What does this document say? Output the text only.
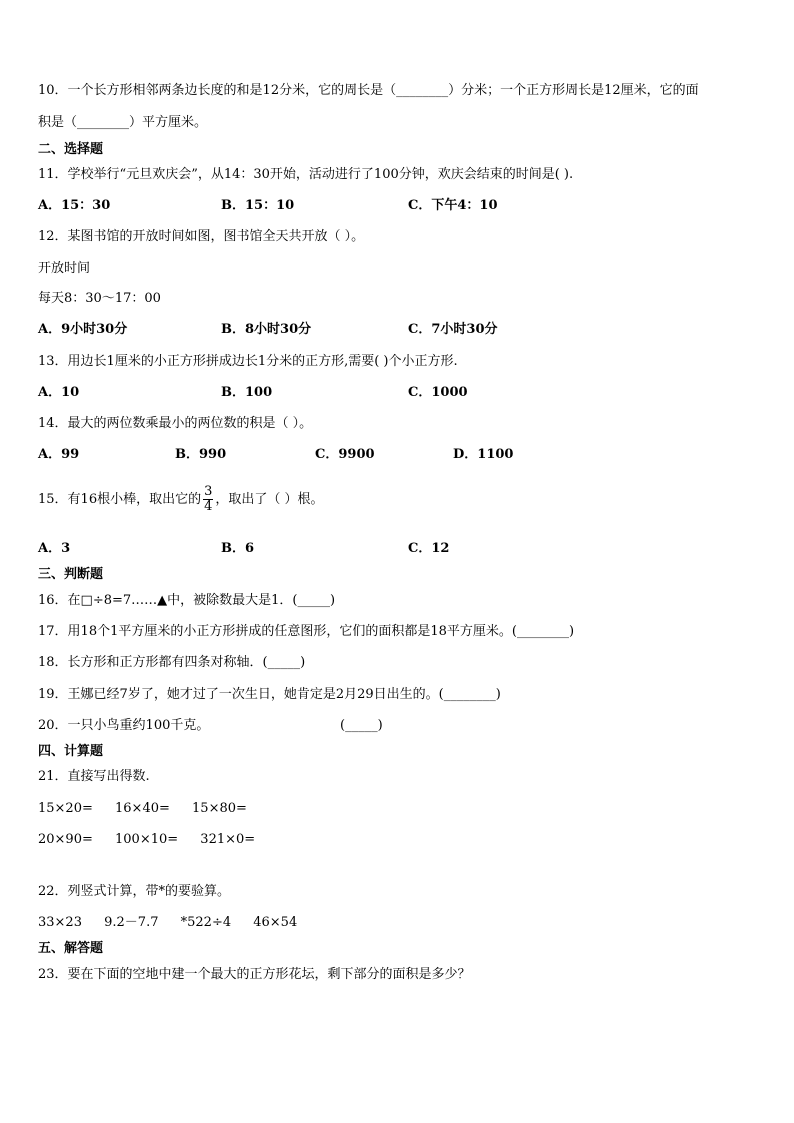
10．一个长方形相邻两条边长度的和是12分米，它的周长是（________）分米；一个正方形周长是12厘米，它的面
积是（________）平方厘米。
二、选择题
11．学校举行“元旦欢庆会”，从14：30开始，活动进行了100分钟，欢庆会结束的时间是( ).
A．15：30	B．15：10	C．下午4：10
12．某图书馆的开放时间如图，图书馆全天共开放（ ）。
开放时间
每天8：30～17：00
A．9小时30分	B．8小时30分	C．7小时30分
13．用边长1厘米的小正方形拼成边长1分米的正方形,需要( )个小正方形.
A．10	B．100	C．1000
14．最大的两位数乘最小的两位数的积是（ ）。
A．99	B．990	C．9900	D．1100
15．有16根小棒，取出它的 $\frac{3}{4}$ ，取出了（ ）根。
A．3	B．6	C．12
三、判断题
16．在□÷8=7……▲中，被除数最大是1．(_____)
17．用18个1平方厘米的小正方形拼成的任意图形，它们的面积都是18平方厘米。(________)
18．长方形和正方形都有四条对称轴．(_____)
19．王娜已经7岁了，她才过了一次生日，她肯定是2月29日出生的。(________)
20．一只小鸟重约100千克。	(_____)
四、计算题
21．直接写出得数.
15×20= 16×40= 15×80=
20×90= 100×10= 321×0=
22．列竖式计算，带*的要验算。
33×23 9.2－7.7 *522÷4 46×54
五、解答题
23．要在下面的空地中建一个最大的正方形花坛，剩下部分的面积是多少？
